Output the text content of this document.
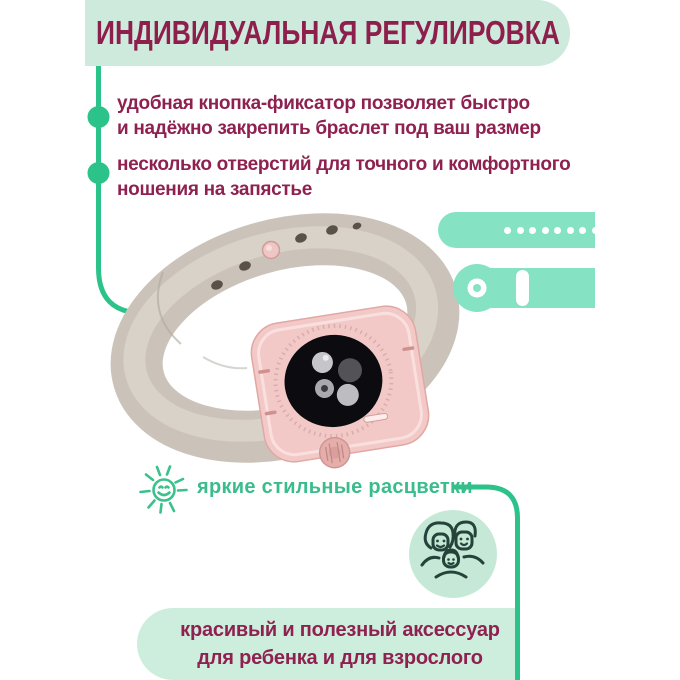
ИНДИВИДУАЛЬНАЯ РЕГУЛИРОВКА
удобная кнопка-фиксатор позволяет быстро
и надёжно закрепить браслет под ваш размер
несколько отверстий для точного и комфортного
ношения на запястье
яркие стильные расцветки
красивый и полезный аксессуар
для ребенка и для взрослого
